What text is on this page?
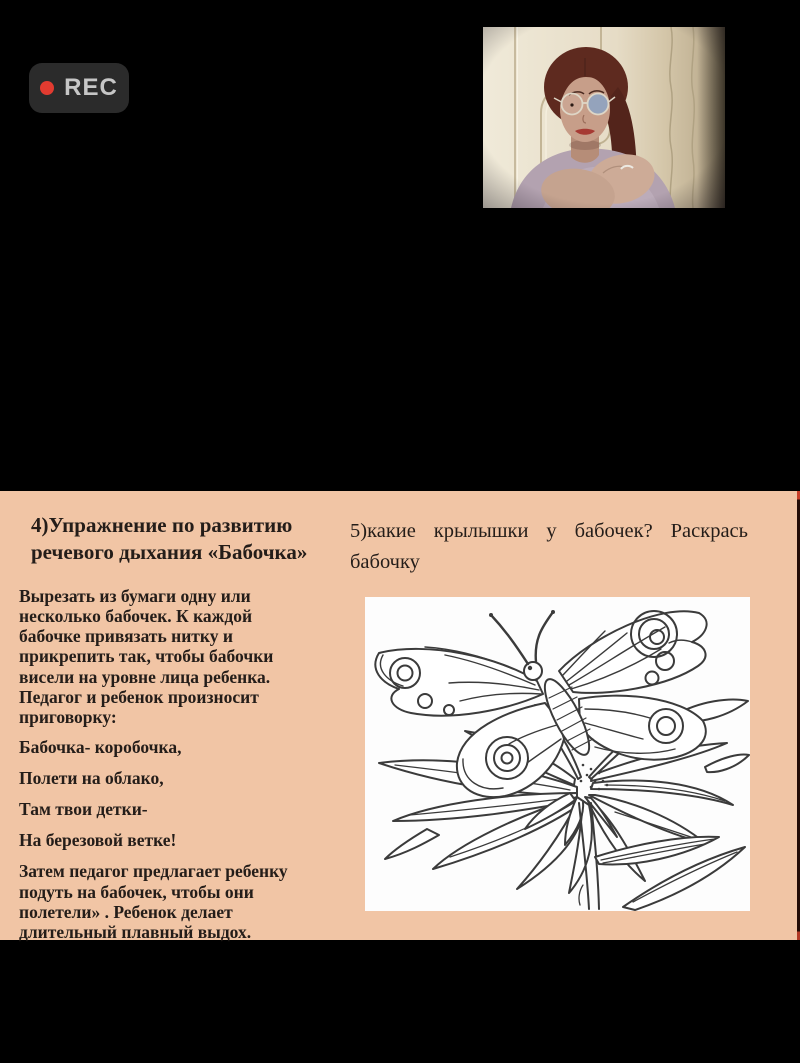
REC
4)Упражнение по развитию речевого дыхания «Бабочка»

Вырезать из бумаги одну или несколько бабочек. К каждой бабочке привязать нитку и прикрепить так, чтобы бабочки висели на уровне лица ребенка. Педагог и ребенок произносит приговорку:

Бабочка- коробочка,

Полети на облако,

Там твои детки-

На березовой ветке!

Затем педагог предлагает ребенку подуть на бабочек, чтобы они полетели» . Ребенок делает длительный плавный выдох.

5)какие крылышки у бабочек? Раскрась бабочку
